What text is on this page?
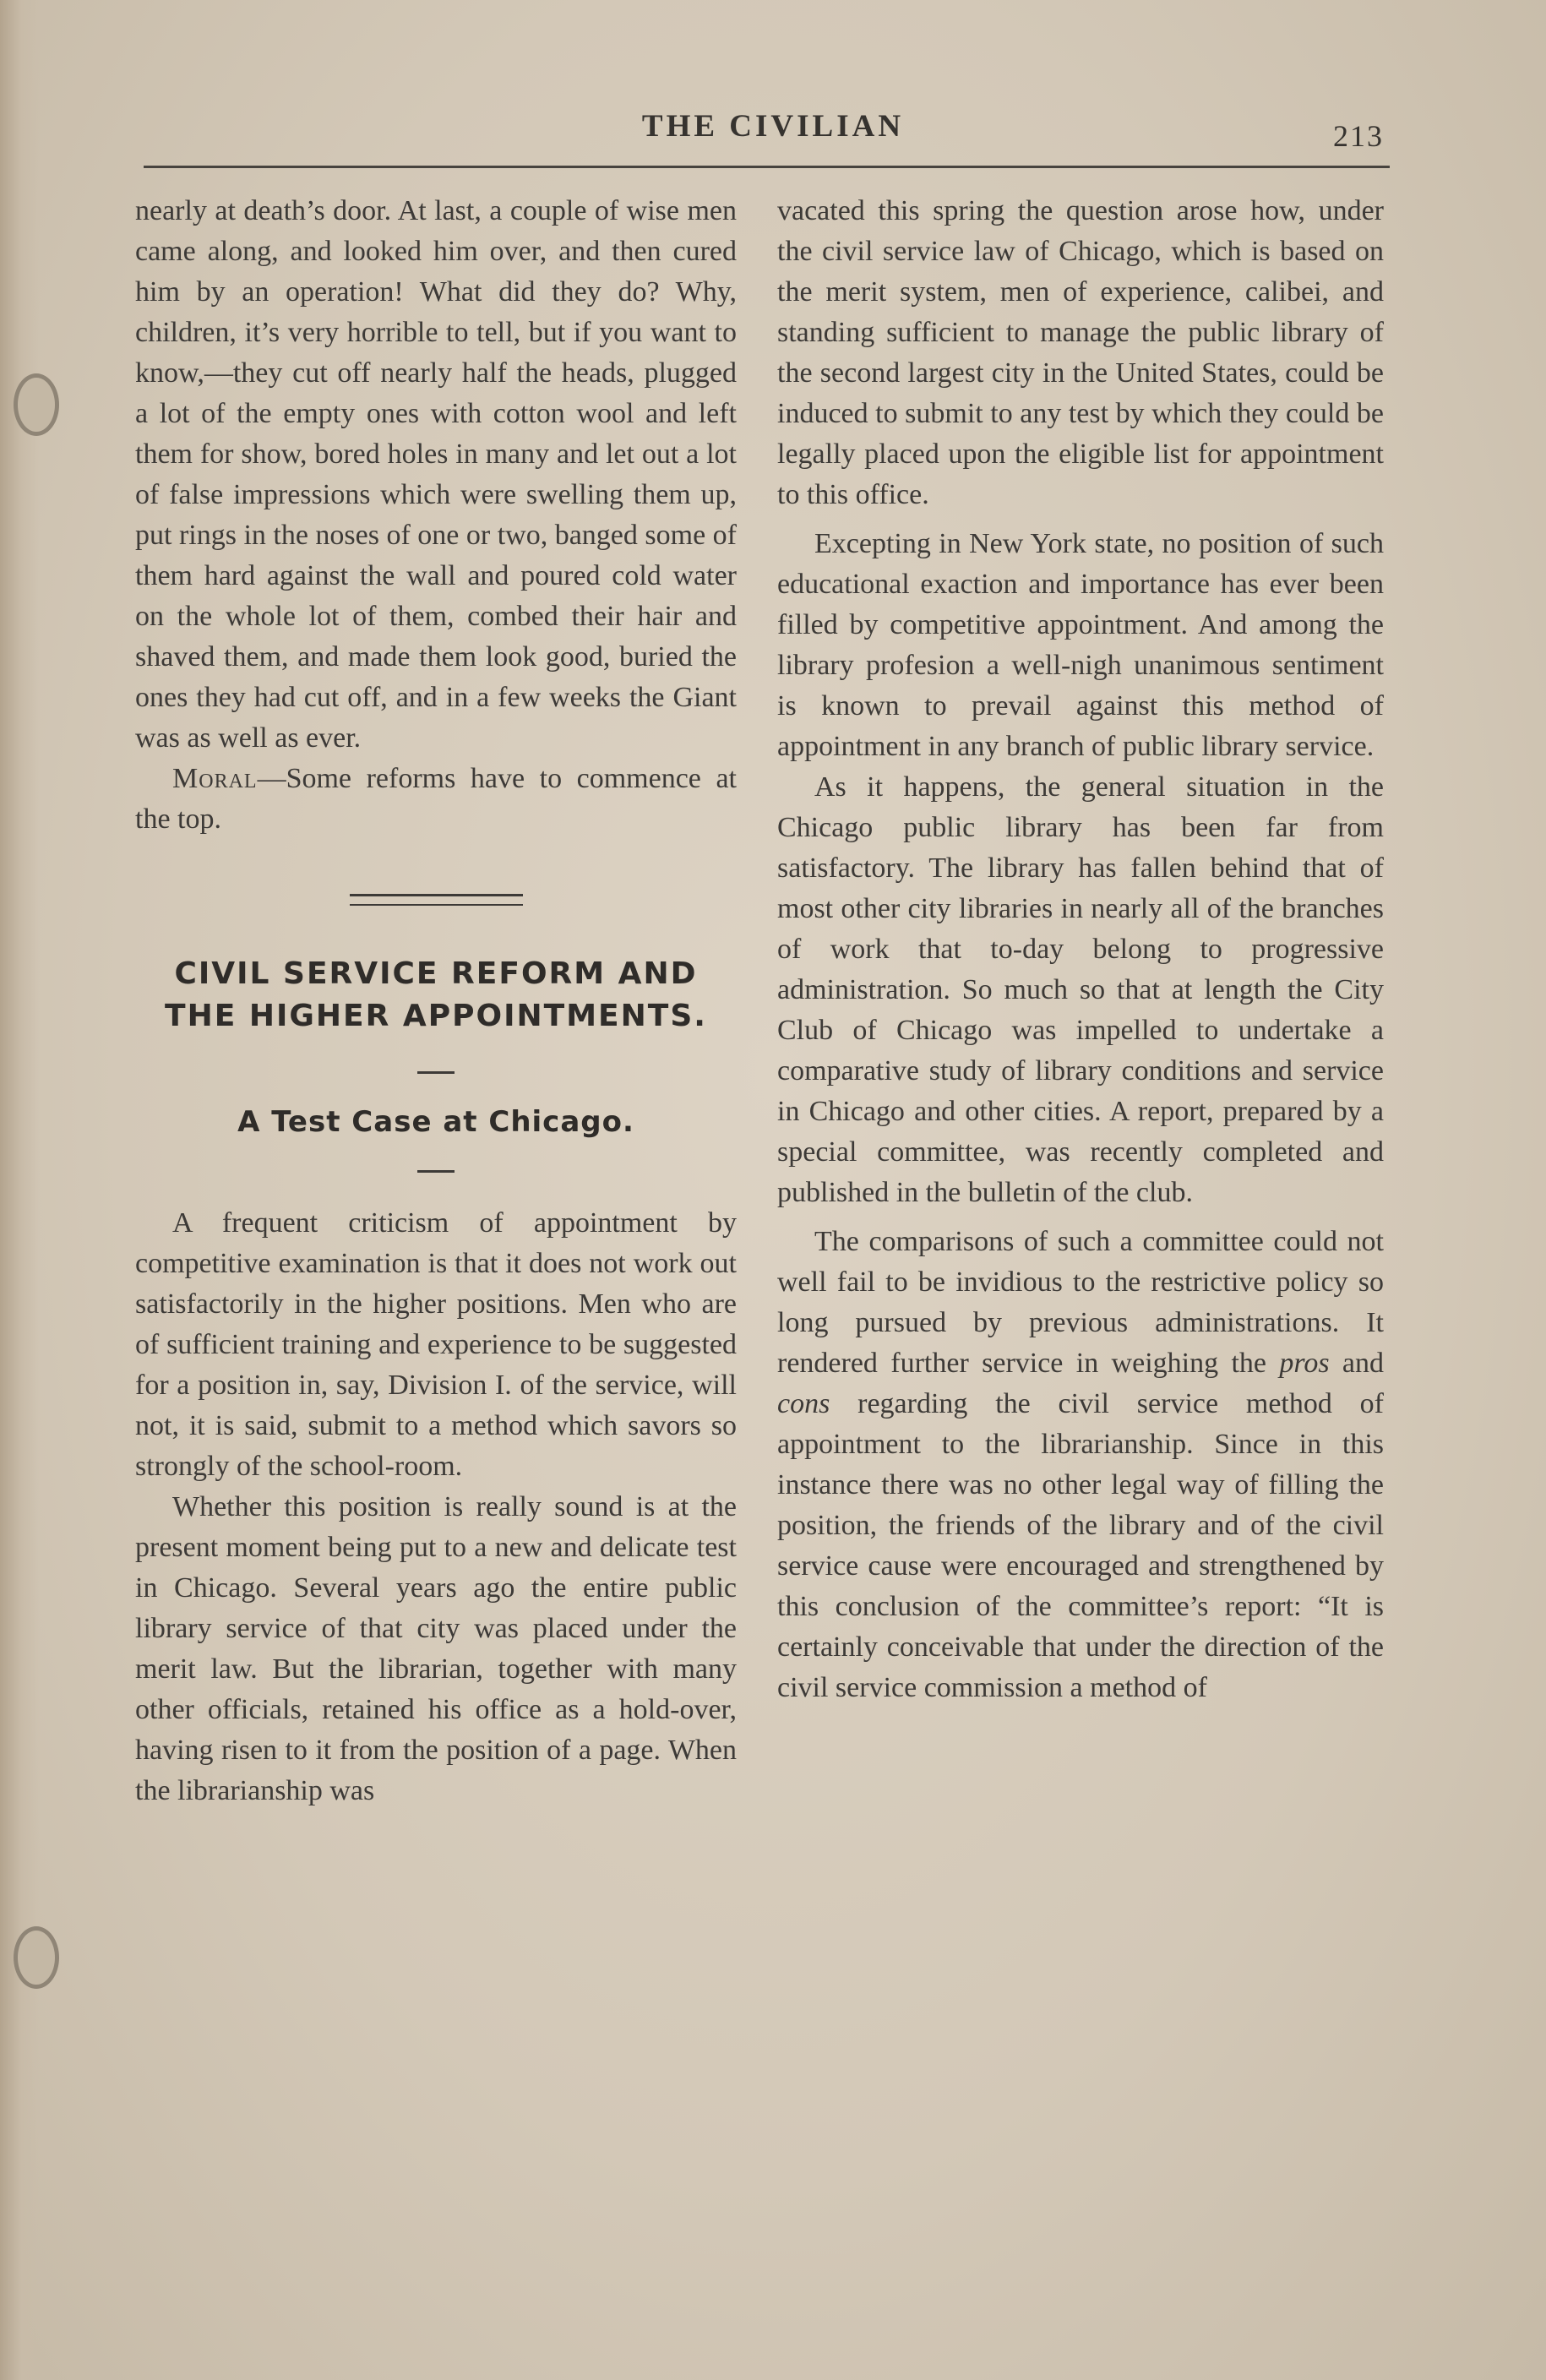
THE CIVILIAN	213

nearly at death’s door. At last, a couple of wise men came along, and looked him over, and then cured him by an operation! What did they do? Why, children, it’s very horrible to tell, but if you want to know,—they cut off nearly half the heads, plugged a lot of the empty ones with cotton wool and left them for show, bored holes in many and let out a lot of false impressions which were swelling them up, put rings in the noses of one or two, banged some of them hard against the wall and poured cold water on the whole lot of them, combed their hair and shaved them, and made them look good, buried the ones they had cut off, and in a few weeks the Giant was as well as ever.

Moral—Some reforms have to commence at the top.

CIVIL SERVICE REFORM AND THE HIGHER APPOINTMENTS.
A Test Case at Chicago.

A frequent criticism of appointment by competitive examination is that it does not work out satisfactorily in the higher positions. Men who are of sufficient training and experience to be suggested for a position in, say, Division I. of the service, will not, it is said, submit to a method which savors so strongly of the school-room.

Whether this position is really sound is at the present moment being put to a new and delicate test in Chicago. Several years ago the entire public library service of that city was placed under the merit law. But the librarian, together with many other officials, retained his office as a hold-over, having risen to it from the position of a page. When the librarianship was

vacated this spring the question arose how, under the civil service law of Chicago, which is based on the merit system, men of experience, calibei, and standing sufficient to manage the public library of the second largest city in the United States, could be induced to submit to any test by which they could be legally placed upon the eligible list for appointment to this office.

Excepting in New York state, no position of such educational exaction and importance has ever been filled by competitive appointment. And among the library profesion a well-nigh unanimous sentiment is known to prevail against this method of appointment in any branch of public library service.

As it happens, the general situation in the Chicago public library has been far from satisfactory. The library has fallen behind that of most other city libraries in nearly all of the branches of work that to-day belong to progressive administration. So much so that at length the City Club of Chicago was impelled to undertake a comparative study of library conditions and service in Chicago and other cities. A report, prepared by a special committee, was recently completed and published in the bulletin of the club.

The comparisons of such a committee could not well fail to be invidious to the restrictive policy so long pursued by previous administrations. It rendered further service in weighing the pros and cons regarding the civil service method of appointment to the librarianship. Since in this instance there was no other legal way of filling the position, the friends of the library and of the civil service cause were encouraged and strengthened by this conclusion of the committee’s report: “It is certainly conceivable that under the direction of the civil service commission a method of
